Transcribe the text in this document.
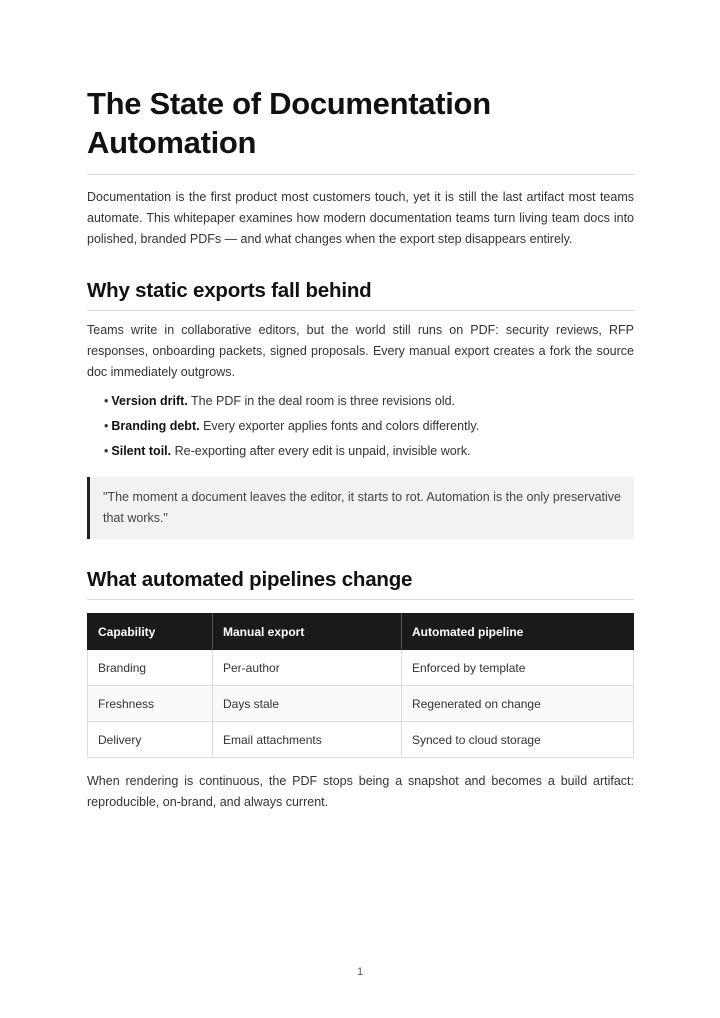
The State of Documentation Automation

Documentation is the first product most customers touch, yet it is still the last artifact most teams automate. This whitepaper examines how modern documentation teams turn living team docs into polished, branded PDFs — and what changes when the export step disappears entirely.

Why static exports fall behind

Teams write in collaborative editors, but the world still runs on PDF: security reviews, RFP responses, onboarding packets, signed proposals. Every manual export creates a fork the source doc immediately outgrows.

• Version drift. The PDF in the deal room is three revisions old.
• Branding debt. Every exporter applies fonts and colors differently.
• Silent toil. Re-exporting after every edit is unpaid, invisible work.

"The moment a document leaves the editor, it starts to rot. Automation is the only preservative that works."

What automated pipelines change
Capability	Manual export	Automated pipeline
Branding	Per-author	Enforced by template
Freshness	Days stale	Regenerated on change
Delivery	Email attachments	Synced to cloud storage

When rendering is continuous, the PDF stops being a snapshot and becomes a build artifact: reproducible, on-brand, and always current.

1
